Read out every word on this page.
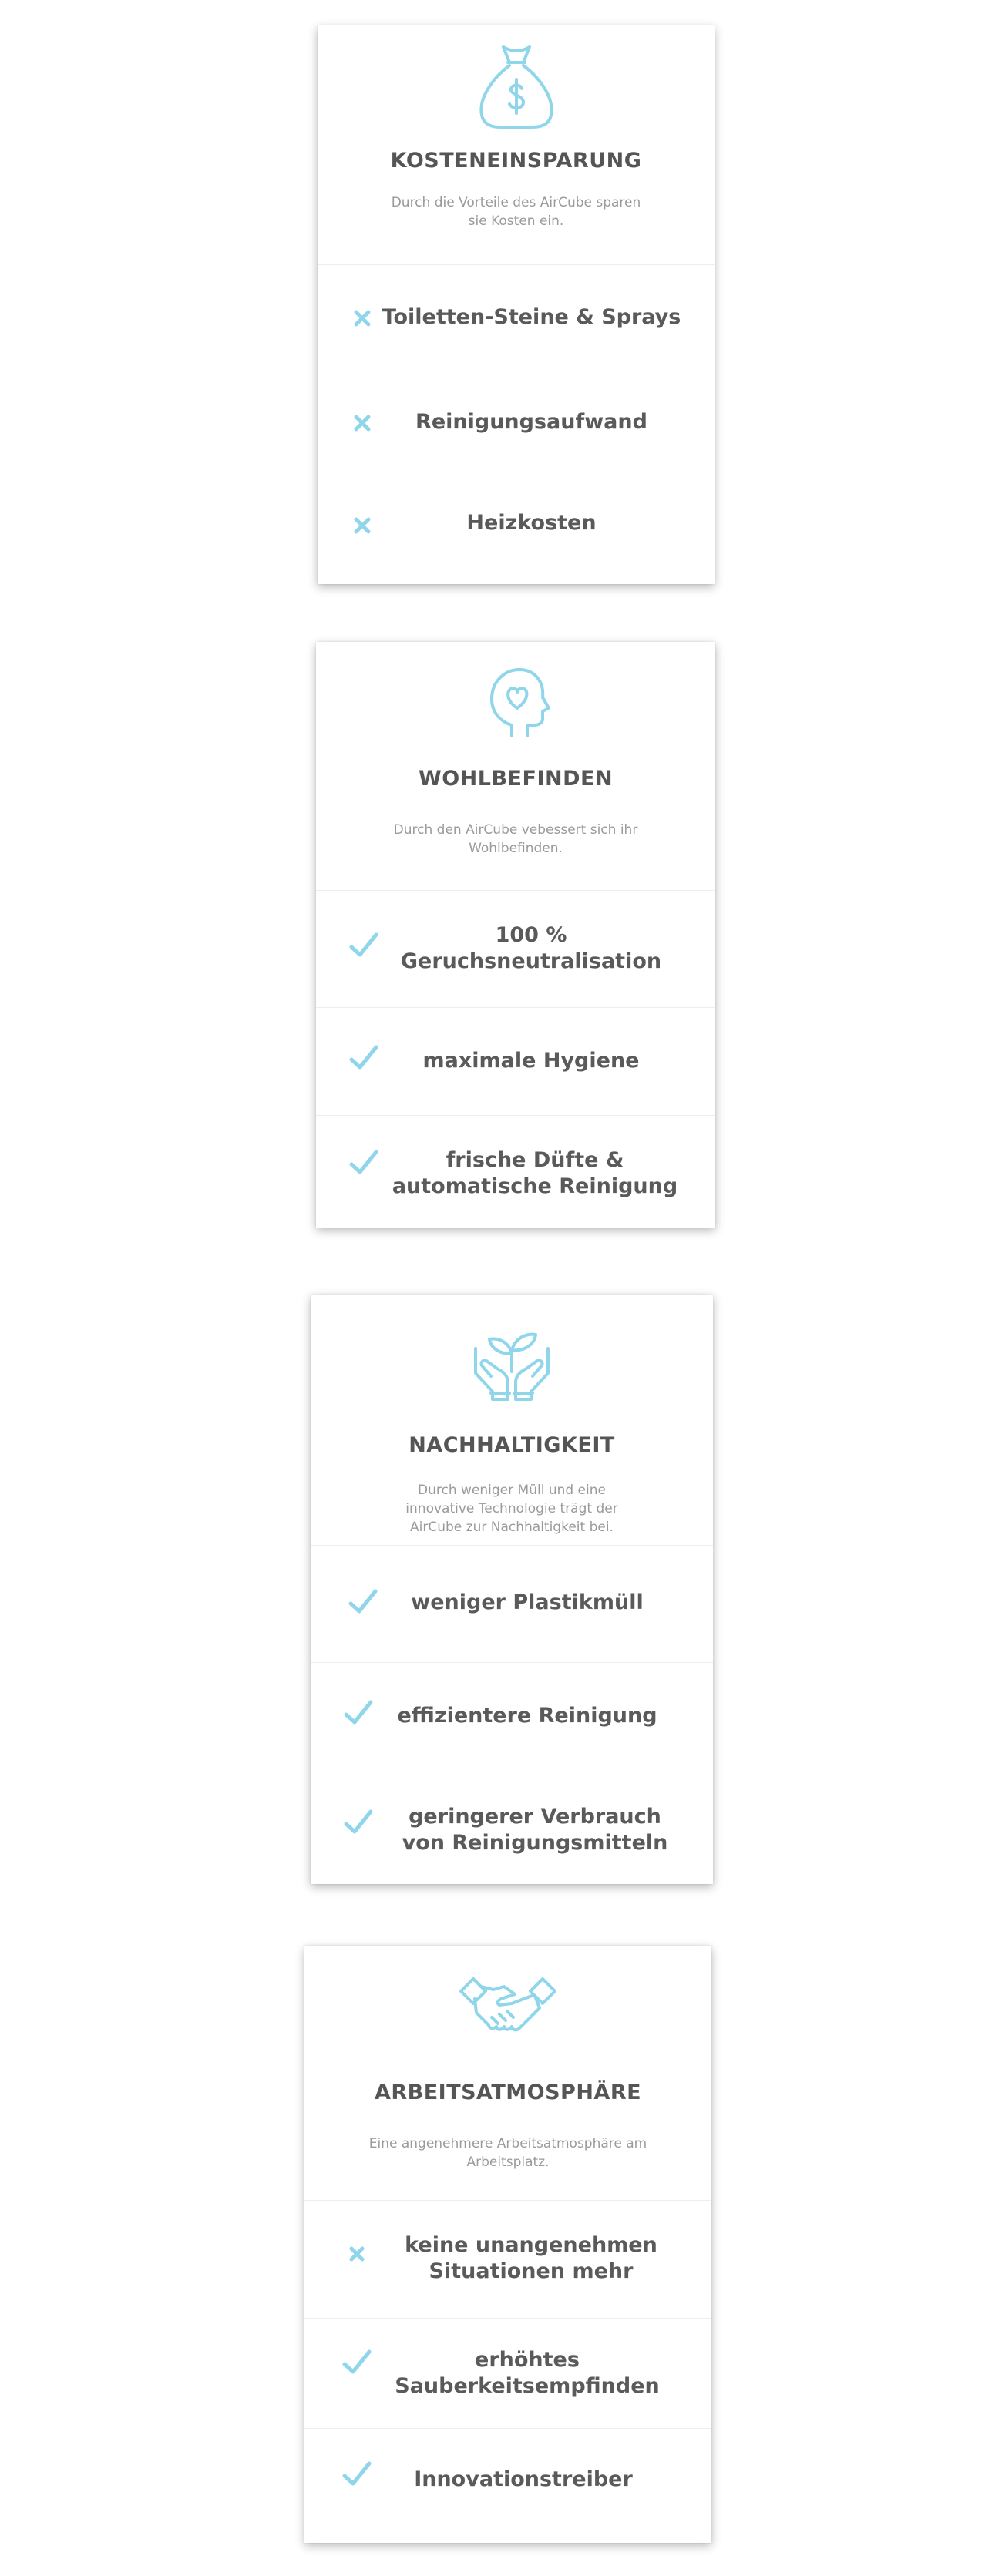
KOSTENEINSPARUNG
Durch die Vorteile des AirCube sparen sie Kosten ein.
Toiletten-Steine & Sprays
Reinigungsaufwand
Heizkosten
WOHLBEFINDEN
Durch den AirCube vebessert sich ihr Wohlbefinden.
100 % Geruchsneutralisation
maximale Hygiene
frische Düfte & automatische Reinigung
NACHHALTIGKEIT
Durch weniger Müll und eine innovative Technologie trägt der AirCube zur Nachhaltigkeit bei.
weniger Plastikmüll
effizientere Reinigung
geringerer Verbrauch von Reinigungsmitteln
ARBEITSATMOSPHÄRE
Eine angenehmere Arbeitsatmosphäre am Arbeitsplatz.
keine unangenehmen Situationen mehr
erhöhtes Sauberkeitsempfinden
Innovationstreiber
